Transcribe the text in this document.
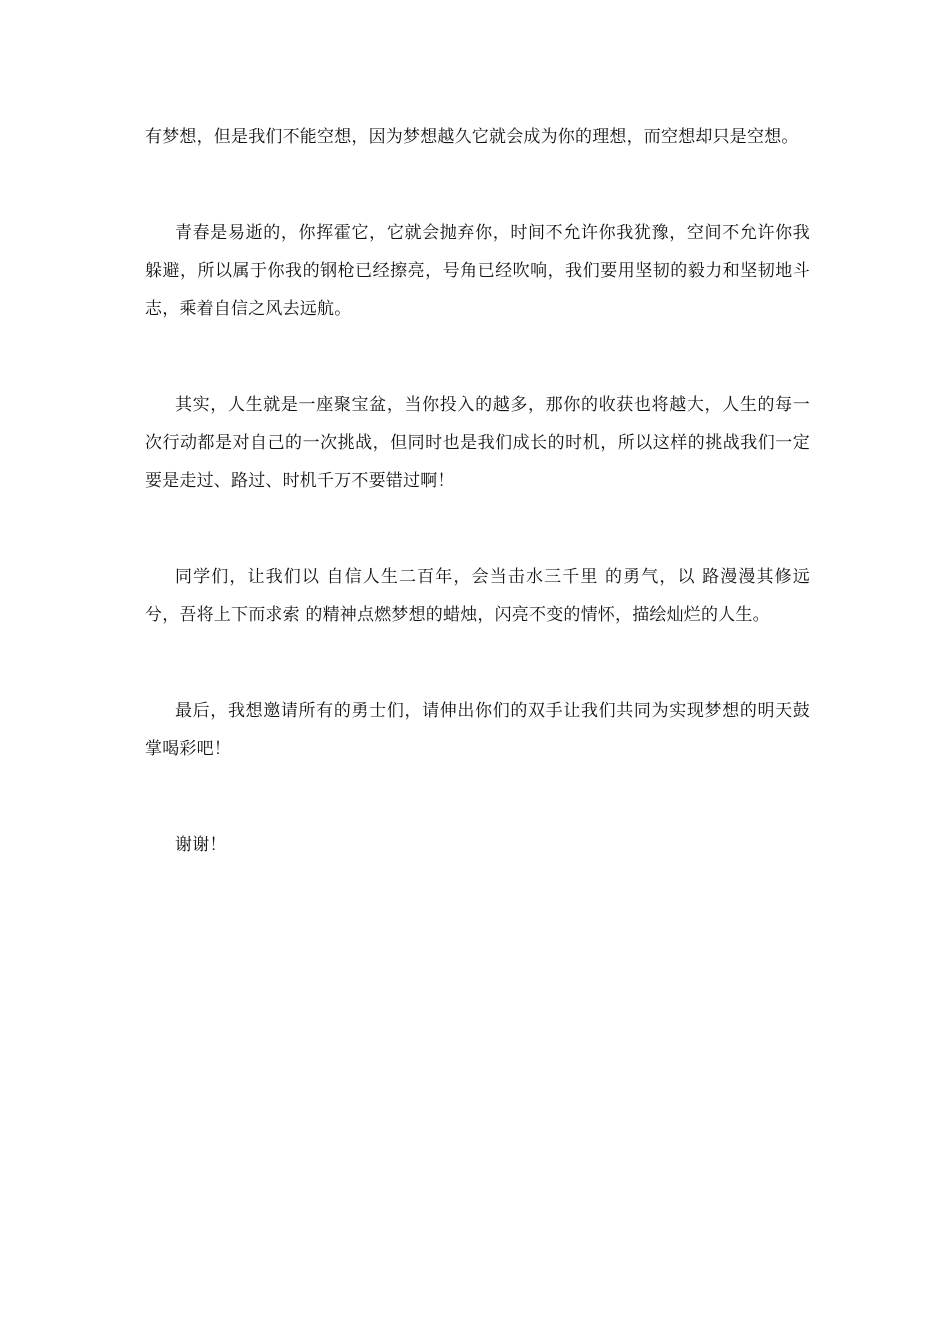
有梦想，但是我们不能空想，因为梦想越久它就会成为你的理想，而空想却只是空想。

青春是易逝的，你挥霍它，它就会抛弃你，时间不允许你我犹豫，空间不允许你我躲避，所以属于你我的钢枪已经擦亮，号角已经吹响，我们要用坚韧的毅力和坚韧地斗志，乘着自信之风去远航。

其实，人生就是一座聚宝盆，当你投入的越多，那你的收获也将越大，人生的每一次行动都是对自己的一次挑战，但同时也是我们成长的时机，所以这样的挑战我们一定要是走过、路过、时机千万不要错过啊！

同学们，让我们以 自信人生二百年，会当击水三千里 的勇气，以 路漫漫其修远兮，吾将上下而求索 的精神点燃梦想的蜡烛，闪亮不变的情怀，描绘灿烂的人生。

最后，我想邀请所有的勇士们，请伸出你们的双手让我们共同为实现梦想的明天鼓掌喝彩吧！

谢谢！
